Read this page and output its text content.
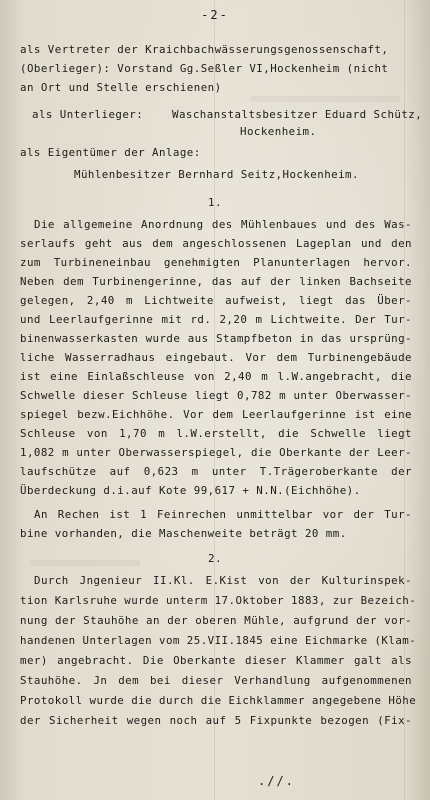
-2-
als Vertreter der Kraichbachwässerungsgenossenschaft,
(Oberlieger): Vorstand Gg.Seßler VI,Hockenheim (nicht
an Ort und Stelle erschienen)
als Unterlieger:	Waschanstaltsbesitzer Eduard Schütz,
Hockenheim.
als Eigentümer der Anlage:
Mühlenbesitzer Bernhard Seitz,Hockenheim.
1.
Die allgemeine Anordnung des Mühlenbaues und des Was-
serlaufs geht aus dem angeschlossenen Lageplan und den
zum Turbineneinbau genehmigten Planunterlagen hervor.
Neben dem Turbinengerinne, das auf der linken Bachseite
gelegen, 2,40 m Lichtweite aufweist, liegt das Über-
und Leerlaufgerinne mit rd. 2,20 m Lichtweite. Der Tur-
binenwasserkasten wurde aus Stampfbeton in das ursprüng-
liche Wasserradhaus eingebaut. Vor dem Turbinengebäude
ist eine Einlaßschleuse von 2,40 m l.W.angebracht, die
Schwelle dieser Schleuse liegt 0,782 m unter Oberwasser-
spiegel bezw.Eichhöhe. Vor dem Leerlaufgerinne ist eine
Schleuse von 1,70 m l.W.erstellt, die Schwelle liegt
1,082 m unter Oberwasserspiegel, die Oberkante der Leer-
laufschütze auf 0,623 m unter T.Trägeroberkante der
Überdeckung d.i.auf Kote 99,617 + N.N.(Eichhöhe).
An Rechen ist 1 Feinrechen unmittelbar vor der Tur-
bine vorhanden, die Maschenweite beträgt 20 mm.
2.
Durch Jngenieur II.Kl. E.Kist von der Kulturinspek-
tion Karlsruhe wurde unterm 17.Oktober 1883, zur Bezeich-
nung der Stauhöhe an der oberen Mühle, aufgrund der vor-
handenen Unterlagen vom 25.VII.1845 eine Eichmarke (Klam-
mer) angebracht. Die Oberkante dieser Klammer galt als
Stauhöhe. Jn dem bei dieser Verhandlung aufgenommenen
Protokoll wurde die durch die Eichklammer angegebene Höhe
der Sicherheit wegen noch auf 5 Fixpunkte bezogen (Fix-
.//.
